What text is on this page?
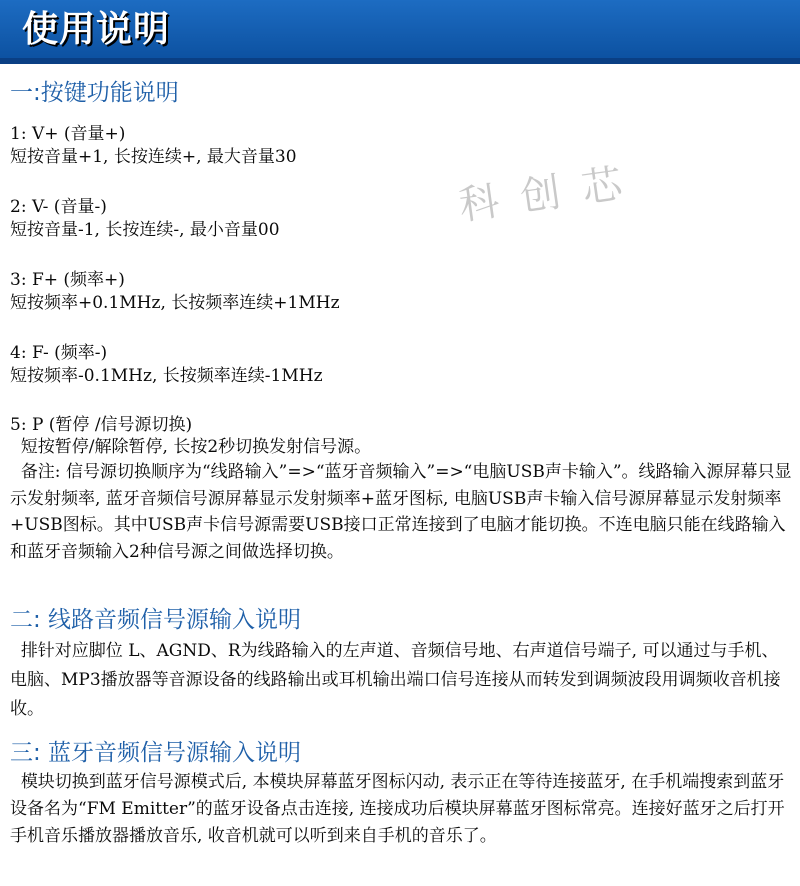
使用说明
科创芯
一:按键功能说明
1: V+ (音量+)
短按音量+1, 长按连续+, 最大音量30
2: V- (音量-)
短按音量-1, 长按连续-, 最小音量00
3: F+ (频率+)
短按频率+0.1MHz, 长按频率连续+1MHz
4: F- (频率-)
短按频率-0.1MHz, 长按频率连续-1MHz
5: P (暂停 /信号源切换)
短按暂停/解除暂停, 长按2秒切换发射信号源。
备注: 信号源切换顺序为“线路输入”=>“蓝牙音频输入”=>“电脑USB声卡输入”。线路输入源屏幕只显示发射频率, 蓝牙音频信号源屏幕显示发射频率+蓝牙图标, 电脑USB声卡输入信号源屏幕显示发射频率+USB图标。其中USB声卡信号源需要USB接口正常连接到了电脑才能切换。不连电脑只能在线路输入和蓝牙音频输入2种信号源之间做选择切换。
二: 线路音频信号源输入说明
排针对应脚位 L、AGND、R为线路输入的左声道、音频信号地、右声道信号端子, 可以通过与手机、电脑、MP3播放器等音源设备的线路输出或耳机输出端口信号连接从而转发到调频波段用调频收音机接收。
三: 蓝牙音频信号源输入说明
模块切换到蓝牙信号源模式后, 本模块屏幕蓝牙图标闪动, 表示正在等待连接蓝牙, 在手机端搜索到蓝牙设备名为“FM Emitter”的蓝牙设备点击连接, 连接成功后模块屏幕蓝牙图标常亮。连接好蓝牙之后打开手机音乐播放器播放音乐, 收音机就可以听到来自手机的音乐了。
